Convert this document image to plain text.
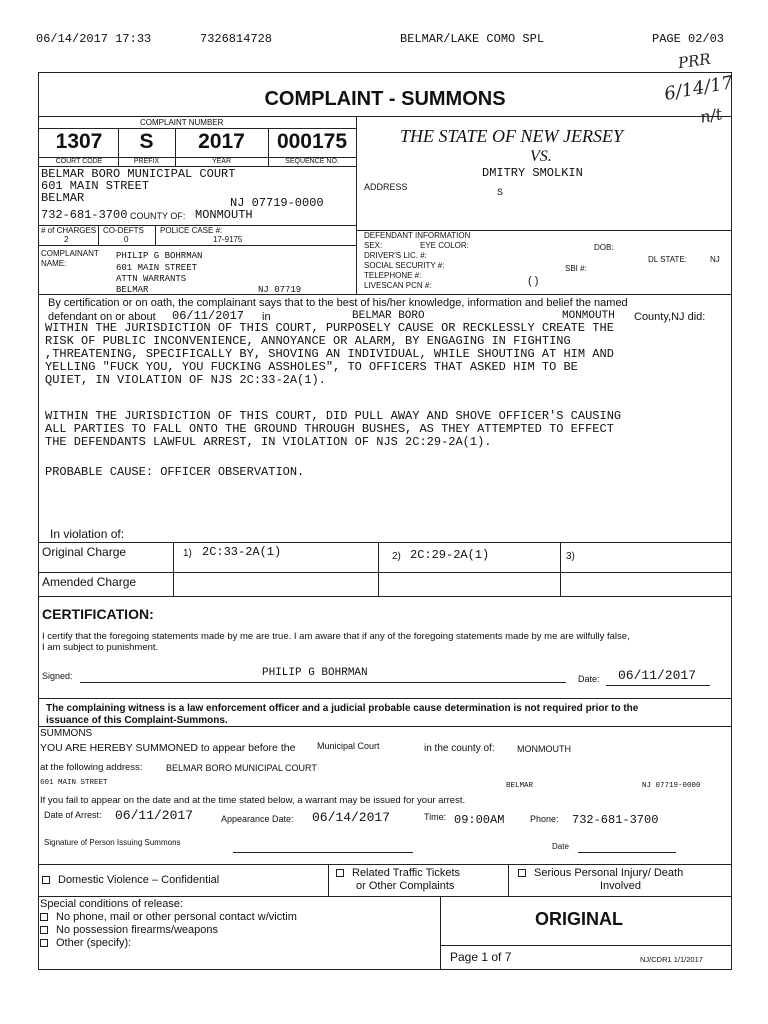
06/14/2017 17:33	7326814728	BELMAR/LAKE COMO SPL	PAGE 02/03
PRR
6/14/17
n/t
COMPLAINT - SUMMONS
COMPLAINT NUMBER
1307	S	2017	000175
COURT CODE	PREFIX	YEAR	SEQUENCE NO.
THE STATE OF NEW JERSEY
VS.
DMITRY SMOLKIN
BELMAR BORO MUNICIPAL COURT
601 MAIN STREET
BELMAR	NJ 07719-0000
732-681-3700 COUNTY OF: MONMOUTH
ADDRESS
S
# of CHARGES
2
CO-DEFTS
0
POLICE CASE #:
17-9175
COMPLAINANT NAME:
PHILIP G BOHRMAN
601 MAIN STREET
ATTN WARRANTS
BELMAR	NJ 07719
DEFENDANT INFORMATION
SEX:	EYE COLOR:	DOB:
DRIVER'S LIC. #:	DL STATE:	NJ
SOCIAL SECURITY #:	SBI #:
TELEPHONE #:	( )
LIVESCAN PCN #:
By certification or on oath, the complainant says that to the best of his/her knowledge, information and belief the named
defendant on or about 06/11/2017 in	BELMAR BORO	MONMOUTH County,NJ did:
WITHIN THE JURISDICTION OF THIS COURT, PURPOSELY CAUSE OR RECKLESSLY CREATE THE
RISK OF PUBLIC INCONVENIENCE, ANNOYANCE OR ALARM, BY ENGAGING IN FIGHTING
,THREATENING, SPECIFICALLY BY, SHOVING AN INDIVIDUAL, WHILE SHOUTING AT HIM AND
YELLING "FUCK YOU, YOU FUCKING ASSHOLES", TO OFFICERS THAT ASKED HIM TO BE
QUIET, IN VIOLATION OF NJS 2C:33-2A(1).
WITHIN THE JURISDICTION OF THIS COURT, DID PULL AWAY AND SHOVE OFFICER'S CAUSING
ALL PARTIES TO FALL ONTO THE GROUND THROUGH BUSHES, AS THEY ATTEMPTED TO EFFECT
THE DEFENDANTS LAWFUL ARREST, IN VIOLATION OF NJS 2C:29-2A(1).
PROBABLE CAUSE: OFFICER OBSERVATION.
In violation of:
Original Charge	1) 2C:33-2A(1)	2) 2C:29-2A(1)	3)
Amended Charge
CERTIFICATION:
I certify that the foregoing statements made by me are true. I am aware that if any of the foregoing statements made by me are wilfully false,
I am subject to punishment.
Signed:	PHILIP G BOHRMAN	Date: 06/11/2017
The complaining witness is a law enforcement officer and a judicial probable cause determination is not required prior to the
issuance of this Complaint-Summons.
SUMMONS
YOU ARE HEREBY SUMMONED to appear before the Municipal Court	in the county of: MONMOUTH
at the following address:	BELMAR BORO MUNICIPAL COURT
601 MAIN STREET	BELMAR	NJ 07719-0000
If you fail to appear on the date and at the time stated below, a warrant may be issued for your arrest.
Date of Arrest: 06/11/2017	Appearance Date: 06/14/2017	Time: 09:00AM	Phone: 732-681-3700
Signature of Person Issuing Summons	Date
Domestic Violence – Confidential
Related Traffic Tickets
or Other Complaints
Serious Personal Injury/ Death
Involved
Special conditions of release:
No phone, mail or other personal contact w/victim
No possession firearms/weapons
Other (specify):
ORIGINAL
Page 1 of 7	NJ/CDR1 1/1/2017
